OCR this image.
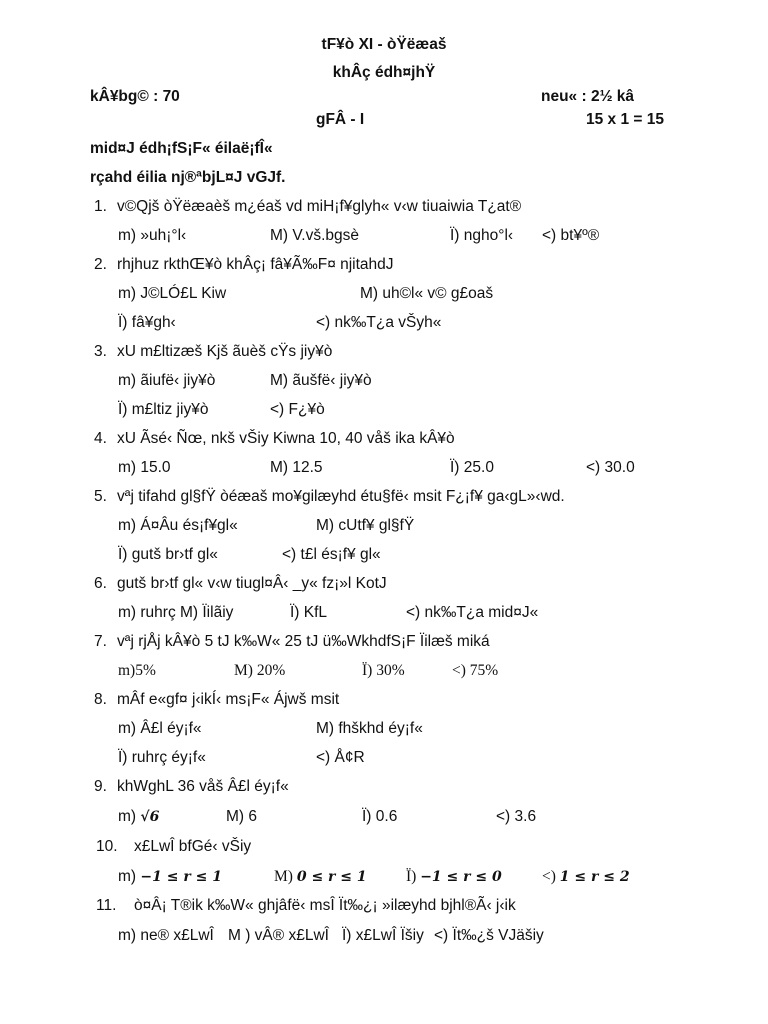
tF¥ò XI - òŸëæaš
khÂç édh¤jhŸ
kÂ¥bg© : 70	neu« : 2½ kâ
gFÂ - I	15 x 1 = 15
mid¤J édh¡fS¡F« éilaë¡fÎ«
rçahd éilia nj®ªbjL¤J vGJf.
1. v©Qjš òŸëæaèš m¿éaš vd miH¡f¥glyh« v‹w tiuaiwia T¿at®
m) »uh¡°l‹	M) V.vš.bgsè	Ï) ngho°l‹ <) bt¥º®
2. rhjhuz rkthŒ¥ò khÂç¡ fâ¥Ã‰F¤ njitahdJ
m) J©LÓ£L Kiw	M) uh©l« v© g£oaš
Ï) fâ¥gh‹	<) nk‰T¿a vŠyh«
3. xU m£ltizæš Kjš ãuèš cŸs jiy¥ò
m) ãiufë‹ jiy¥ò	M) ãušfë‹ jiy¥ò
Ï) m£ltiz jiy¥ò	<) F¿¥ò
4. xU Ãsé‹ Ñœ, nkš vŠiy Kiwna 10, 40 våš ika kÂ¥ò
m) 15.0	M) 12.5	Ï) 25.0	<) 30.0
5. vªj tifahd gl§fŸ òéæaš mo¥gilæyhd étu§fë‹ msit F¿¡f¥ ga‹gL»‹wd.
m) Á¤Âu és¡f¥gl«	M) cUtf¥ gl§fŸ
Ï) gutš br›tf gl«	<) t£l és¡f¥ gl«
6. gutš br›tf gl« v‹w tiugl¤Â‹ _y« fz¡»l KotJ
m) ruhrç M) Ïilãiy	Ï) KfL	<) nk‰T¿a mid¤J«
7. vªj rjÅj kÂ¥ò 5 tJ k‰W« 25 tJ ü‰WkhdfS¡F Ïilæš miká
m)5%	M) 20%	Ï) 30%	<) 75%
8. mÂf e«gf¤ j‹ikÍ‹ ms¡F« Ájwš msit
m) Â£l éy¡f«	M) fhškhd éy¡f«
Ï) ruhrç éy¡f«	<) Å¢R
9. khWghL 36 våš Â£l éy¡f«
m) √6	M) 6	Ï) 0.6	<) 3.6
10. x£LwÎ bfGé‹ vŠiy
m) −1 ≤ r ≤ 1	M) 0 ≤ r ≤ 1	Ï) −1 ≤ r ≤ 0	<) 1 ≤ r ≤ 2
11. ò¤Â¡ T®ik k‰W« ghjâfë‹ msÎ Ït‰¿¡ »ilæyhd bjhl®Ã‹ j‹ik
m) ne® x£LwÎ M ) vÂ® x£LwÎ Ï) x£LwÎ Ïšiy <) Ït‰¿š VJäšiy
